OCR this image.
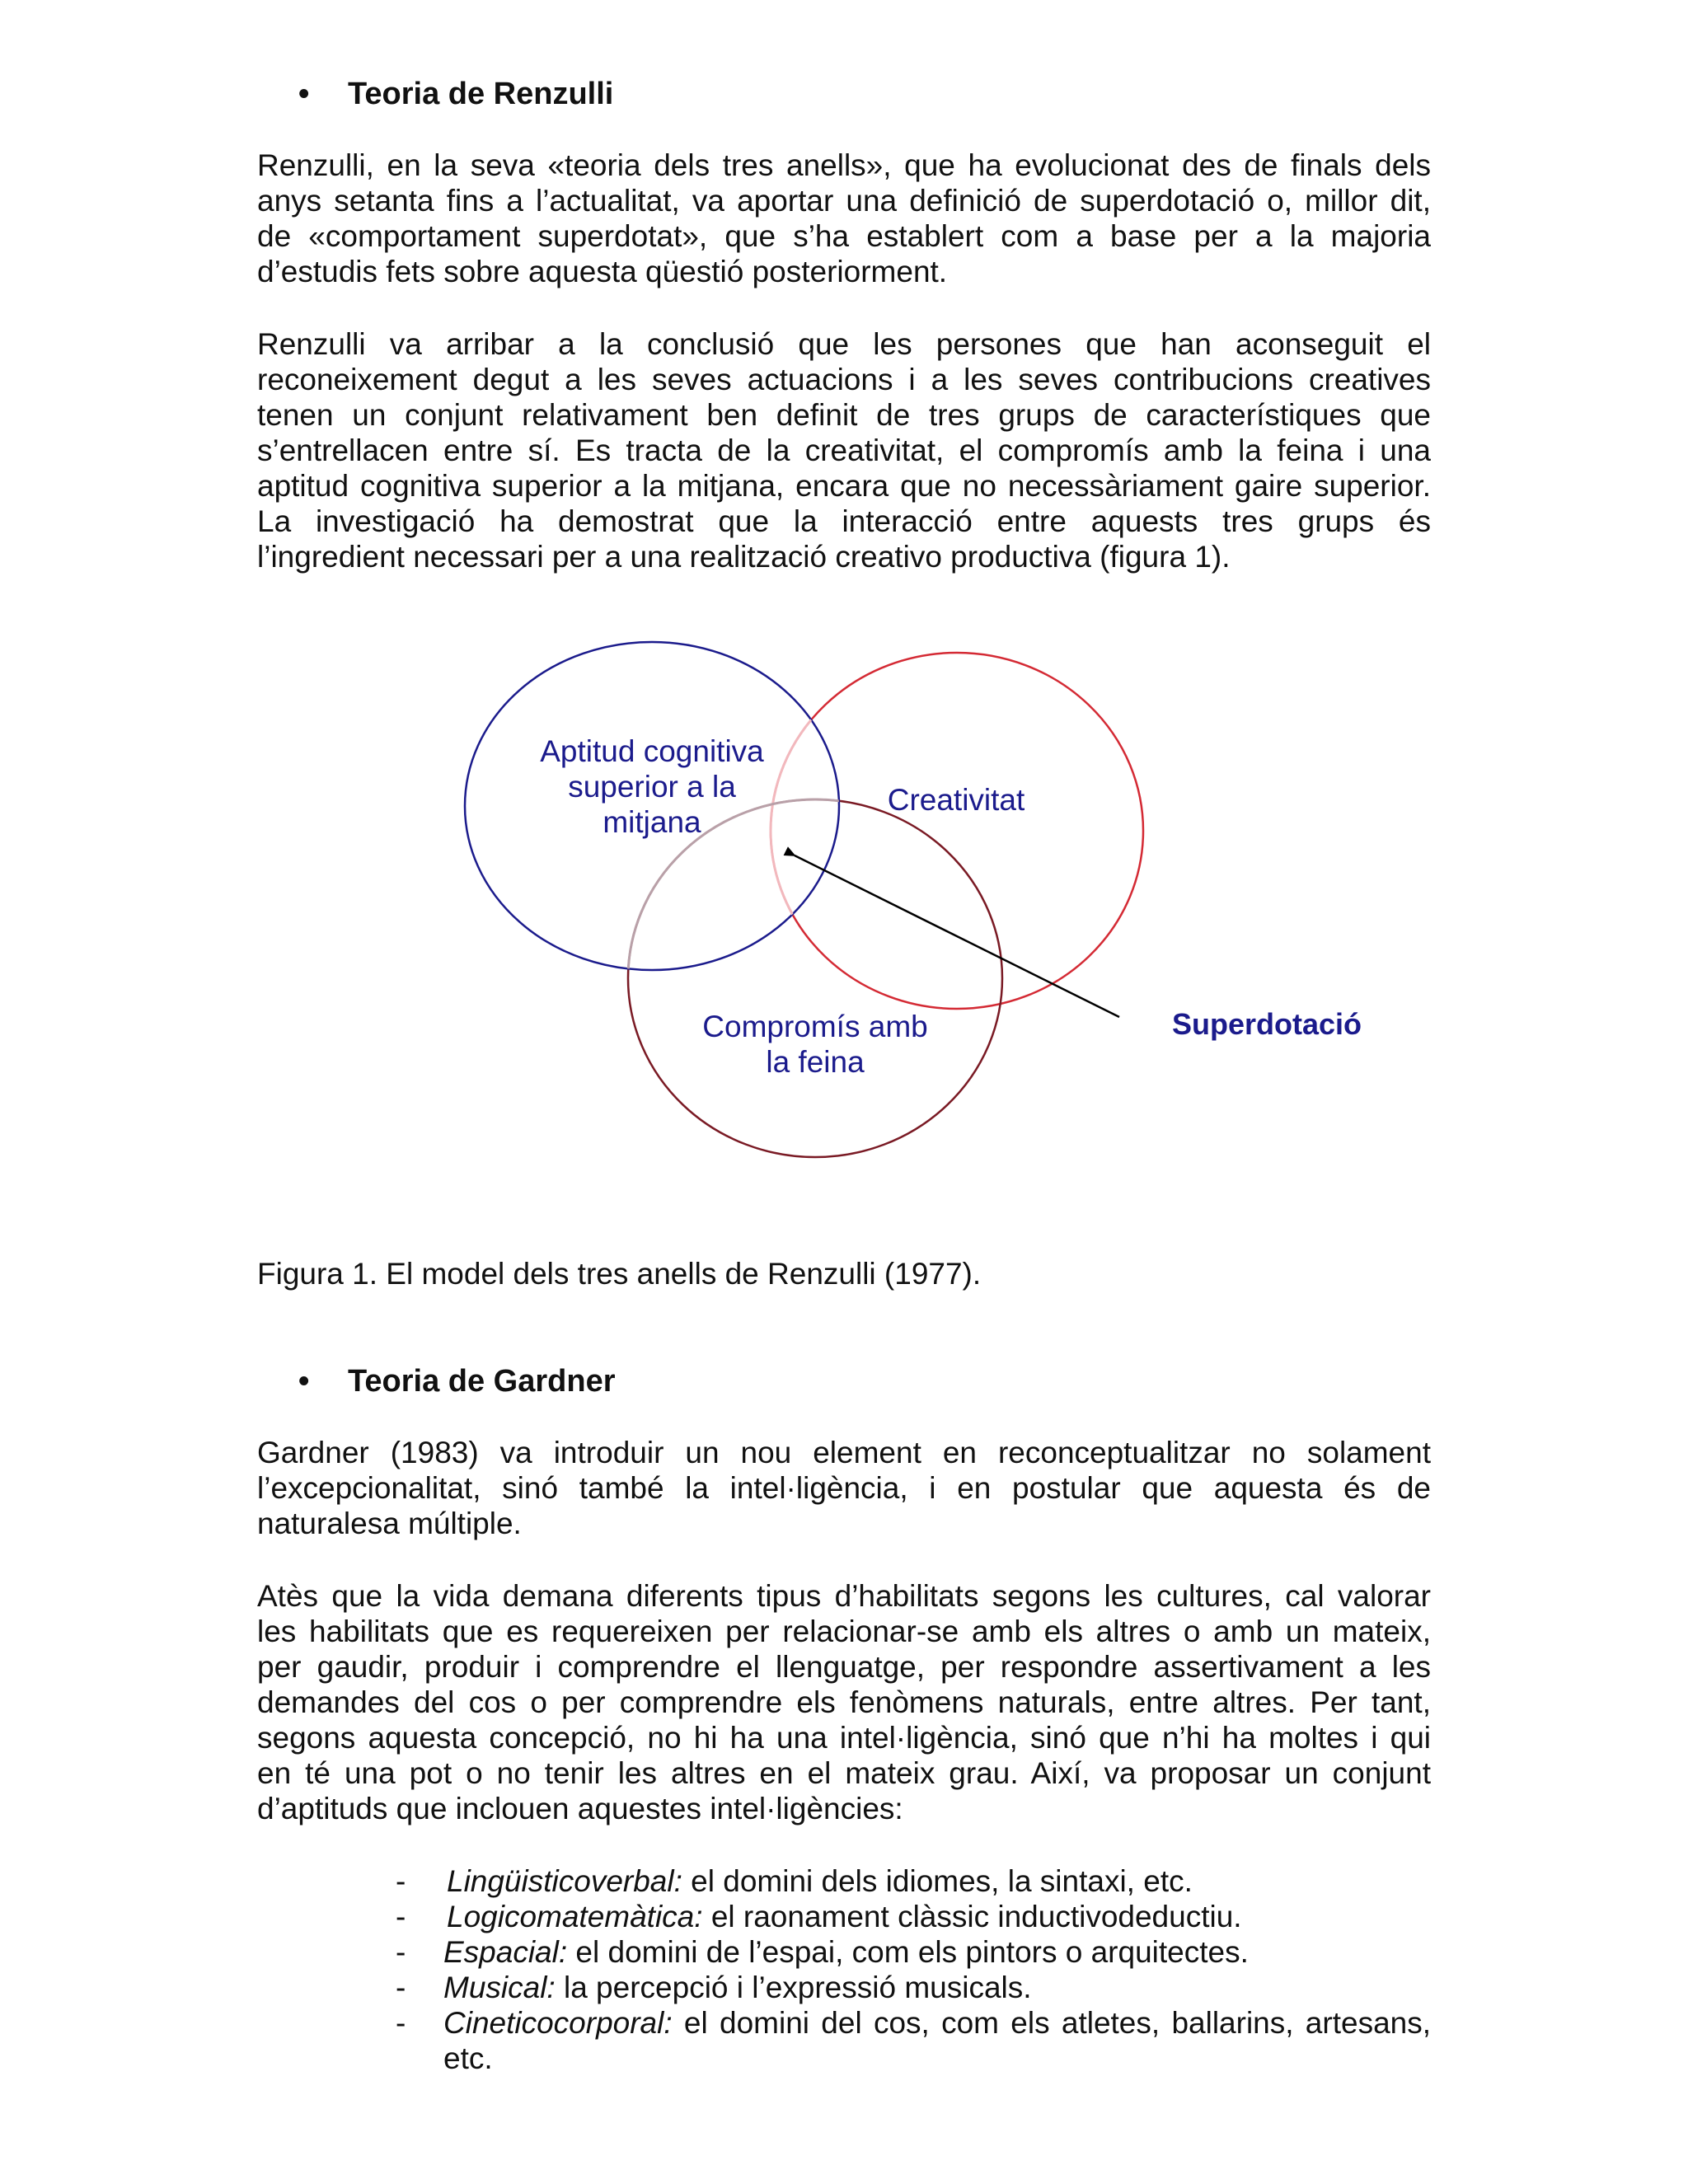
• Teoria de Renzulli
Renzulli, en la seva «teoria dels tres anells», que ha evolucionat des de finals dels
anys setanta fins a l’actualitat, va aportar una definició de superdotació o, millor dit,
de «comportament superdotat», que s’ha establert com a base per a la majoria
d’estudis fets sobre aquesta qüestió posteriorment.
Renzulli va arribar a la conclusió que les persones que han aconseguit el
reconeixement degut a les seves actuacions i a les seves contribucions creatives
tenen un conjunt relativament ben definit de tres grups de característiques que
s’entrellacen entre sí. Es tracta de la creativitat, el compromís amb la feina i una
aptitud cognitiva superior a la mitjana, encara que no necessàriament gaire superior.
La investigació ha demostrat que la interacció entre aquests tres grups és
l’ingredient necessari per a una realització creativo productiva (figura 1).
Aptitud cognitiva
superior a la
mitjana
Creativitat
Compromís amb
la feina
Superdotació
Figura 1. El model dels tres anells de Renzulli (1977).
• Teoria de Gardner
Gardner (1983) va introduir un nou element en reconceptualitzar no solament
l’excepcionalitat, sinó també la intel·ligència, i en postular que aquesta és de
naturalesa múltiple.
Atès que la vida demana diferents tipus d’habilitats segons les cultures, cal valorar
les habilitats que es requereixen per relacionar-se amb els altres o amb un mateix,
per gaudir, produir i comprendre el llenguatge, per respondre assertivament a les
demandes del cos o per comprendre els fenòmens naturals, entre altres. Per tant,
segons aquesta concepció, no hi ha una intel·ligència, sinó que n’hi ha moltes i qui
en té una pot o no tenir les altres en el mateix grau. Així, va proposar un conjunt
d’aptituds que inclouen aquestes intel·ligències:
- Lingüisticoverbal: el domini dels idiomes, la sintaxi, etc.
- Logicomatemàtica: el raonament clàssic inductivodeductiu.
- Espacial: el domini de l’espai, com els pintors o arquitectes.
- Musical: la percepció i l’expressió musicals.
- Cineticocorporal: el domini del cos, com els atletes, ballarins, artesans, etc.
